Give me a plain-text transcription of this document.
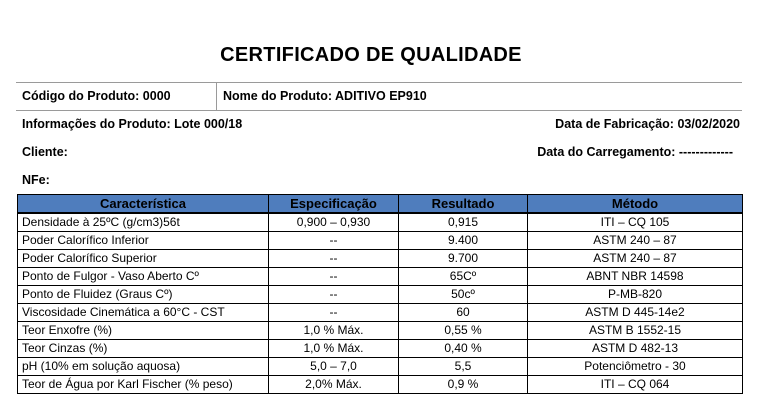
CERTIFICADO DE QUALIDADE
Código do Produto: 0000	Nome do Produto: ADITIVO EP910
Informações do Produto: Lote 000/18	Data de Fabricação: 03/02/2020
Cliente:	Data do Carregamento: -------------
NFe:
Característica	Especificação	Resultado	Método
Densidade à 25ºC (g/cm3)56t	0,900 – 0,930	0,915	ITI – CQ 105
Poder Calorífico Inferior	--	9.400	ASTM 240 – 87
Poder Calorífico Superior	--	9.700	ASTM 240 – 87
Ponto de Fulgor - Vaso Aberto Cº	--	65Cº	ABNT NBR 14598
Ponto de Fluidez (Graus Cº)	--	50cº	P-MB-820
Viscosidade Cinemática a 60°C - CST	--	60	ASTM D 445-14e2
Teor Enxofre (%)	1,0 % Máx.	0,55 %	ASTM B 1552-15
Teor Cinzas (%)	1,0 % Máx.	0,40 %	ASTM D 482-13
pH (10% em solução aquosa)	5,0 – 7,0	5,5	Potenciômetro - 30
Teor de Água por Karl Fischer (% peso)	2,0% Máx.	0,9 %	ITI – CQ 064
